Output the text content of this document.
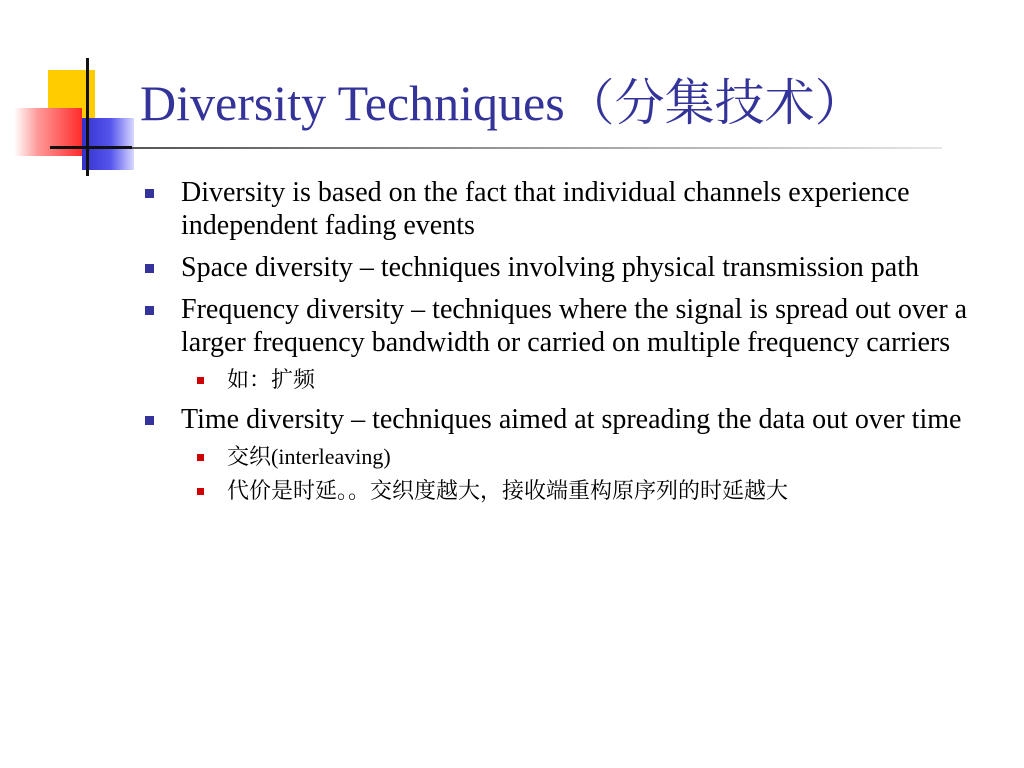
Diversity Techniques（分集技术）
Diversity is based on the fact that individual channels experience independent fading events
Space diversity – techniques involving physical transmission path
Frequency diversity – techniques where the signal is spread out over a larger frequency bandwidth or carried on multiple frequency carriers
如：扩频
Time diversity – techniques aimed at spreading the data out over time
交织(interleaving)
代价是时延。。交织度越大，接收端重构原序列的时延越大
